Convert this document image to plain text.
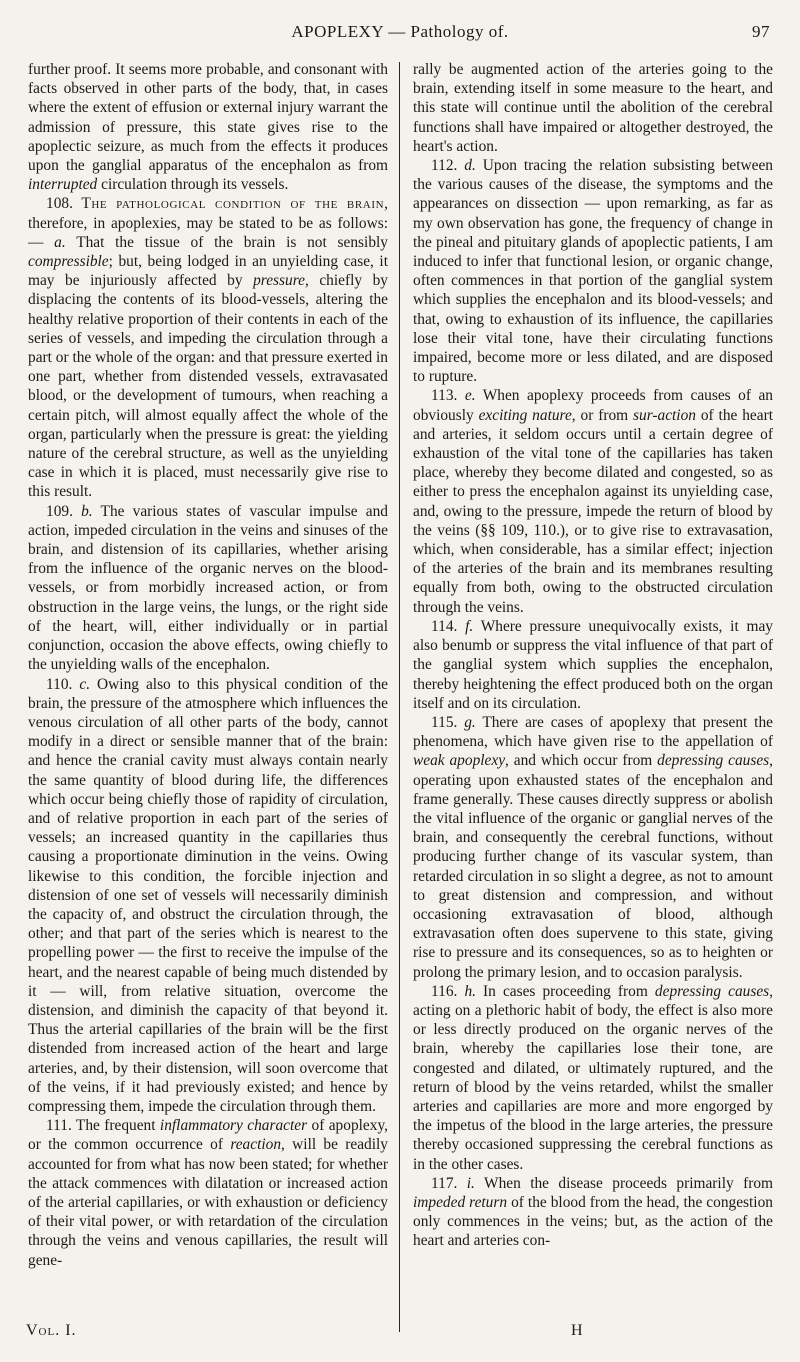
APOPLEXY — Pathology of.	97

further proof. It seems more probable, and consonant with facts observed in other parts of the body, that, in cases where the extent of effusion or external injury warrant the admission of pressure, this state gives rise to the apoplectic seizure, as much from the effects it produces upon the ganglial apparatus of the encephalon as from interrupted circulation through its vessels.

108. The pathological condition of the brain, therefore, in apoplexies, may be stated to be as follows: — a. That the tissue of the brain is not sensibly compressible; but, being lodged in an unyielding case, it may be injuriously affected by pressure, chiefly by displacing the contents of its blood-vessels, altering the healthy relative proportion of their contents in each of the series of vessels, and impeding the circulation through a part or the whole of the organ: and that pressure exerted in one part, whether from distended vessels, extravasated blood, or the development of tumours, when reaching a certain pitch, will almost equally affect the whole of the organ, particularly when the pressure is great: the yielding nature of the cerebral structure, as well as the unyielding case in which it is placed, must necessarily give rise to this result.

109. b. The various states of vascular impulse and action, impeded circulation in the veins and sinuses of the brain, and distension of its capillaries, whether arising from the influence of the organic nerves on the blood-vessels, or from morbidly increased action, or from obstruction in the large veins, the lungs, or the right side of the heart, will, either individually or in partial conjunction, occasion the above effects, owing chiefly to the unyielding walls of the encephalon.

110. c. Owing also to this physical condition of the brain, the pressure of the atmosphere which influences the venous circulation of all other parts of the body, cannot modify in a direct or sensible manner that of the brain: and hence the cranial cavity must always contain nearly the same quantity of blood during life, the differences which occur being chiefly those of rapidity of circulation, and of relative proportion in each part of the series of vessels; an increased quantity in the capillaries thus causing a proportionate diminution in the veins. Owing likewise to this condition, the forcible injection and distension of one set of vessels will necessarily diminish the capacity of, and obstruct the circulation through, the other; and that part of the series which is nearest to the propelling power — the first to receive the impulse of the heart, and the nearest capable of being much distended by it — will, from relative situation, overcome the distension, and diminish the capacity of that beyond it. Thus the arterial capillaries of the brain will be the first distended from increased action of the heart and large arteries, and, by their distension, will soon overcome that of the veins, if it had previously existed; and hence by compressing them, impede the circulation through them.

111. The frequent inflammatory character of apoplexy, or the common occurrence of reaction, will be readily accounted for from what has now been stated; for whether the attack commences with dilatation or increased action of the arterial capillaries, or with exhaustion or deficiency of their vital power, or with retardation of the circulation through the veins and venous capillaries, the result will gene-

rally be augmented action of the arteries going to the brain, extending itself in some measure to the heart, and this state will continue until the abolition of the cerebral functions shall have impaired or altogether destroyed, the heart's action.

112. d. Upon tracing the relation subsisting between the various causes of the disease, the symptoms and the appearances on dissection — upon remarking, as far as my own observation has gone, the frequency of change in the pineal and pituitary glands of apoplectic patients, I am induced to infer that functional lesion, or organic change, often commences in that portion of the ganglial system which supplies the encephalon and its blood-vessels; and that, owing to exhaustion of its influence, the capillaries lose their vital tone, have their circulating functions impaired, become more or less dilated, and are disposed to rupture.

113. e. When apoplexy proceeds from causes of an obviously exciting nature, or from sur-action of the heart and arteries, it seldom occurs until a certain degree of exhaustion of the vital tone of the capillaries has taken place, whereby they become dilated and congested, so as either to press the encephalon against its unyielding case, and, owing to the pressure, impede the return of blood by the veins (§§ 109, 110.), or to give rise to extravasation, which, when considerable, has a similar effect; injection of the arteries of the brain and its membranes resulting equally from both, owing to the obstructed circulation through the veins.

114. f. Where pressure unequivocally exists, it may also benumb or suppress the vital influence of that part of the ganglial system which supplies the encephalon, thereby heightening the effect produced both on the organ itself and on its circulation.

115. g. There are cases of apoplexy that present the phenomena, which have given rise to the appellation of weak apoplexy, and which occur from depressing causes, operating upon exhausted states of the encephalon and frame generally. These causes directly suppress or abolish the vital influence of the organic or ganglial nerves of the brain, and consequently the cerebral functions, without producing further change of its vascular system, than retarded circulation in so slight a degree, as not to amount to great distension and compression, and without occasioning extravasation of blood, although extravasation often does supervene to this state, giving rise to pressure and its consequences, so as to heighten or prolong the primary lesion, and to occasion paralysis.

116. h. In cases proceeding from depressing causes, acting on a plethoric habit of body, the effect is also more or less directly produced on the organic nerves of the brain, whereby the capillaries lose their tone, are congested and dilated, or ultimately ruptured, and the return of blood by the veins retarded, whilst the smaller arteries and capillaries are more and more engorged by the impetus of the blood in the large arteries, the pressure thereby occasioned suppressing the cerebral functions as in the other cases.

117. i. When the disease proceeds primarily from impeded return of the blood from the head, the congestion only commences in the veins; but, as the action of the heart and arteries con-

Vol. I.	H
